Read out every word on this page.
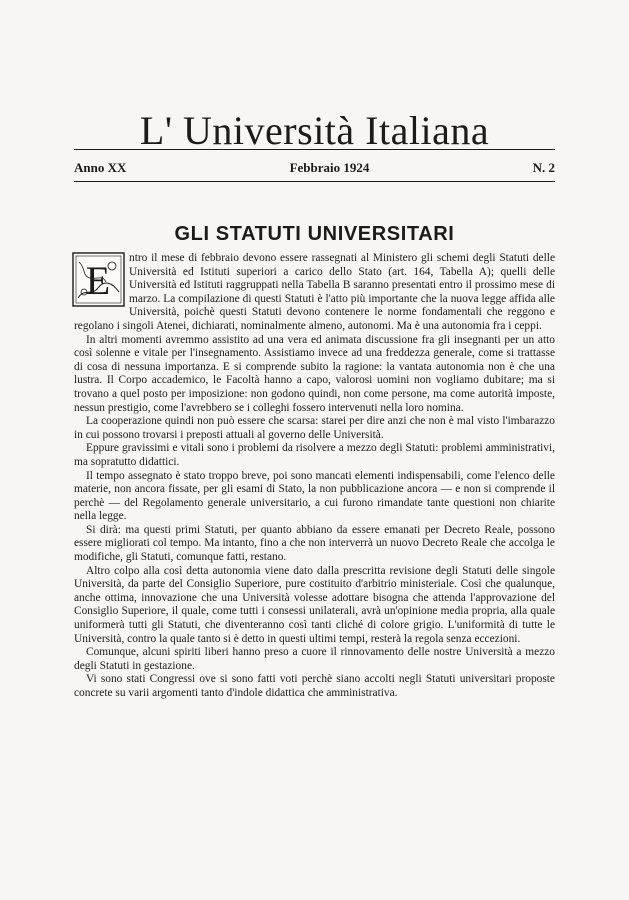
L' Università Italiana
Anno XX	Febbraio 1924	N. 2
GLI STATUTI UNIVERSITARI

E ntro il mese di febbraio devono essere rassegnati al Ministero gli schemi degli Statuti delle Università ed Istituti superiori a carico dello Stato (art. 164, Tabella A); quelli delle Università ed Istituti raggruppati nella Tabella B saranno presentati entro il prossimo mese di marzo. La compilazione di questi Statuti è l'atto più importante che la nuova legge affida alle Università, poichè questi Statuti devono contenere le norme fondamentali che reggono e regolano i singoli Atenei, dichiarati, nominalmente almeno, autonomi. Ma è una autonomia fra i ceppi.

In altri momenti avremmo assistito ad una vera ed animata discussione fra gli insegnanti per un atto così solenne e vitale per l'insegnamento. Assistiamo invece ad una freddezza generale, come si trattasse di cosa di nessuna importanza. E si comprende subito la ragione: la vantata autonomia non è che una lustra. Il Corpo accademico, le Facoltà hanno a capo, valorosi uomini non vogliamo dubitare; ma si trovano a quel posto per imposizione: non godono quindi, non come persone, ma come autorità imposte, nessun prestigio, come l'avrebbero se i colleghi fossero intervenuti nella loro nomina.

La cooperazione quindi non può essere che scarsa: starei per dire anzi che non è mal visto l'imbarazzo in cui possono trovarsi i preposti attuali al governo delle Università.

Eppure gravissimi e vitali sono i problemi da risolvere a mezzo degli Statuti: problemi amministrativi, ma sopratutto didattici.

Il tempo assegnato è stato troppo breve, poi sono mancati elementi indispensabili, come l'elenco delle materie, non ancora fissate, per gli esami di Stato, la non pubblicazione ancora — e non si comprende il perchè — del Regolamento generale universitario, a cui furono rimandate tante questioni non chiarite nella legge.

Si dirà: ma questi primi Statuti, per quanto abbiano da essere emanati per Decreto Reale, possono essere migliorati col tempo. Ma intanto, fino a che non interverrà un nuovo Decreto Reale che accolga le modifiche, gli Statuti, comunque fatti, restano.

Altro colpo alla così detta autonomia viene dato dalla prescritta revisione degli Statuti delle singole Università, da parte del Consiglio Superiore, pure costituito d'arbitrio ministeriale. Così che qualunque, anche ottima, innovazione che una Università volesse adottare bisogna che attenda l'approvazione del Consiglio Superiore, il quale, come tutti i consessi unilaterali, avrà un'opinione media propria, alla quale uniformerà tutti gli Statuti, che diventeranno così tanti cliché di colore grigio. L'uniformità di tutte le Università, contro la quale tanto si è detto in questi ultimi tempi, resterà la regola senza eccezioni.

Comunque, alcuni spiriti liberi hanno preso a cuore il rinnovamento delle nostre Università a mezzo degli Statuti in gestazione.

Vi sono stati Congressi ove si sono fatti voti perchè siano accolti negli Statuti universitari proposte concrete su varii argomenti tanto d'indole didattica che amministrativa.
